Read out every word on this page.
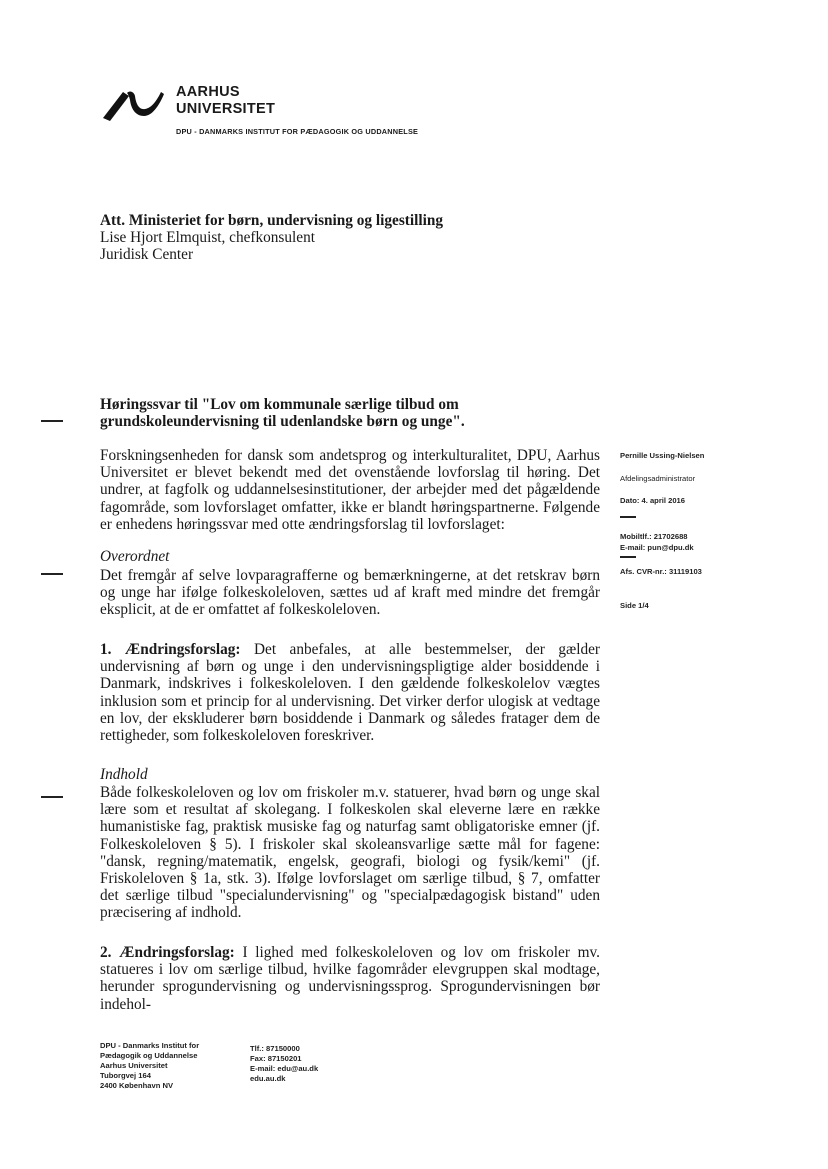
AARHUS
UNIVERSITET
DPU - DANMARKS INSTITUT FOR PÆDAGOGIK OG UDDANNELSE
Att. Ministeriet for børn, undervisning og ligestilling
Lise Hjort Elmquist, chefkonsulent
Juridisk Center
Høringssvar til "Lov om kommunale særlige tilbud om grundskoleundervisning til udenlandske børn og unge".

Forskningsenheden for dansk som andetsprog og interkulturalitet, DPU, Aarhus Universitet er blevet bekendt med det ovenstående lovforslag til høring. Det undrer, at fagfolk og uddannelsesinstitutioner, der arbejder med det pågældende fagområde, som lovforslaget omfatter, ikke er blandt høringspartnerne. Følgende er enhedens høringssvar med otte ændringsforslag til lovforslaget:

Overordnet

Det fremgår af selve lovparagrafferne og bemærkningerne, at det retskrav børn og unge har ifølge folkeskoleloven, sættes ud af kraft med mindre det fremgår eksplicit, at de er omfattet af folkeskoleloven.

1. Ændringsforslag: Det anbefales, at alle bestemmelser, der gælder undervisning af børn og unge i den undervisningspligtige alder bosiddende i Danmark, indskrives i folkeskoleloven. I den gældende folkeskolelov vægtes inklusion som et princip for al undervisning. Det virker derfor ulogisk at vedtage en lov, der ekskluderer børn bosiddende i Danmark og således fratager dem de rettigheder, som folkeskoleloven foreskriver.

Indhold

Både folkeskoleloven og lov om friskoler m.v. statuerer, hvad børn og unge skal lære som et resultat af skolegang. I folkeskolen skal eleverne lære en række humanistiske fag, praktisk musiske fag og naturfag samt obligatoriske emner (jf. Folkeskoleloven § 5). I friskoler skal skoleansvarlige sætte mål for fagene: "dansk, regning/matematik, engelsk, geografi, biologi og fysik/kemi" (jf. Friskoleloven § 1a, stk. 3). Ifølge lovforslaget om særlige tilbud, § 7, omfatter det særlige tilbud "specialundervisning" og "specialpædagogisk bistand" uden præcisering af indhold.

2. Ændringsforslag: I lighed med folkeskoleloven og lov om friskoler mv. statueres i lov om særlige tilbud, hvilke fagområder elevgruppen skal modtage, herunder sprogundervisning og undervisningssprog. Sprogundervisningen bør indehol-

Pernille Ussing-Nielsen
Afdelingsadministrator
Dato: 4. april 2016
Mobiltlf.: 21702688
E-mail: pun@dpu.dk
Afs. CVR-nr.: 31119103
Side 1/4
DPU - Danmarks Institut for
Pædagogik og Uddannelse
Aarhus Universitet
Tuborgvej 164
2400 København NV
Tlf.: 87150000
Fax: 87150201
E-mail: edu@au.dk
edu.au.dk
